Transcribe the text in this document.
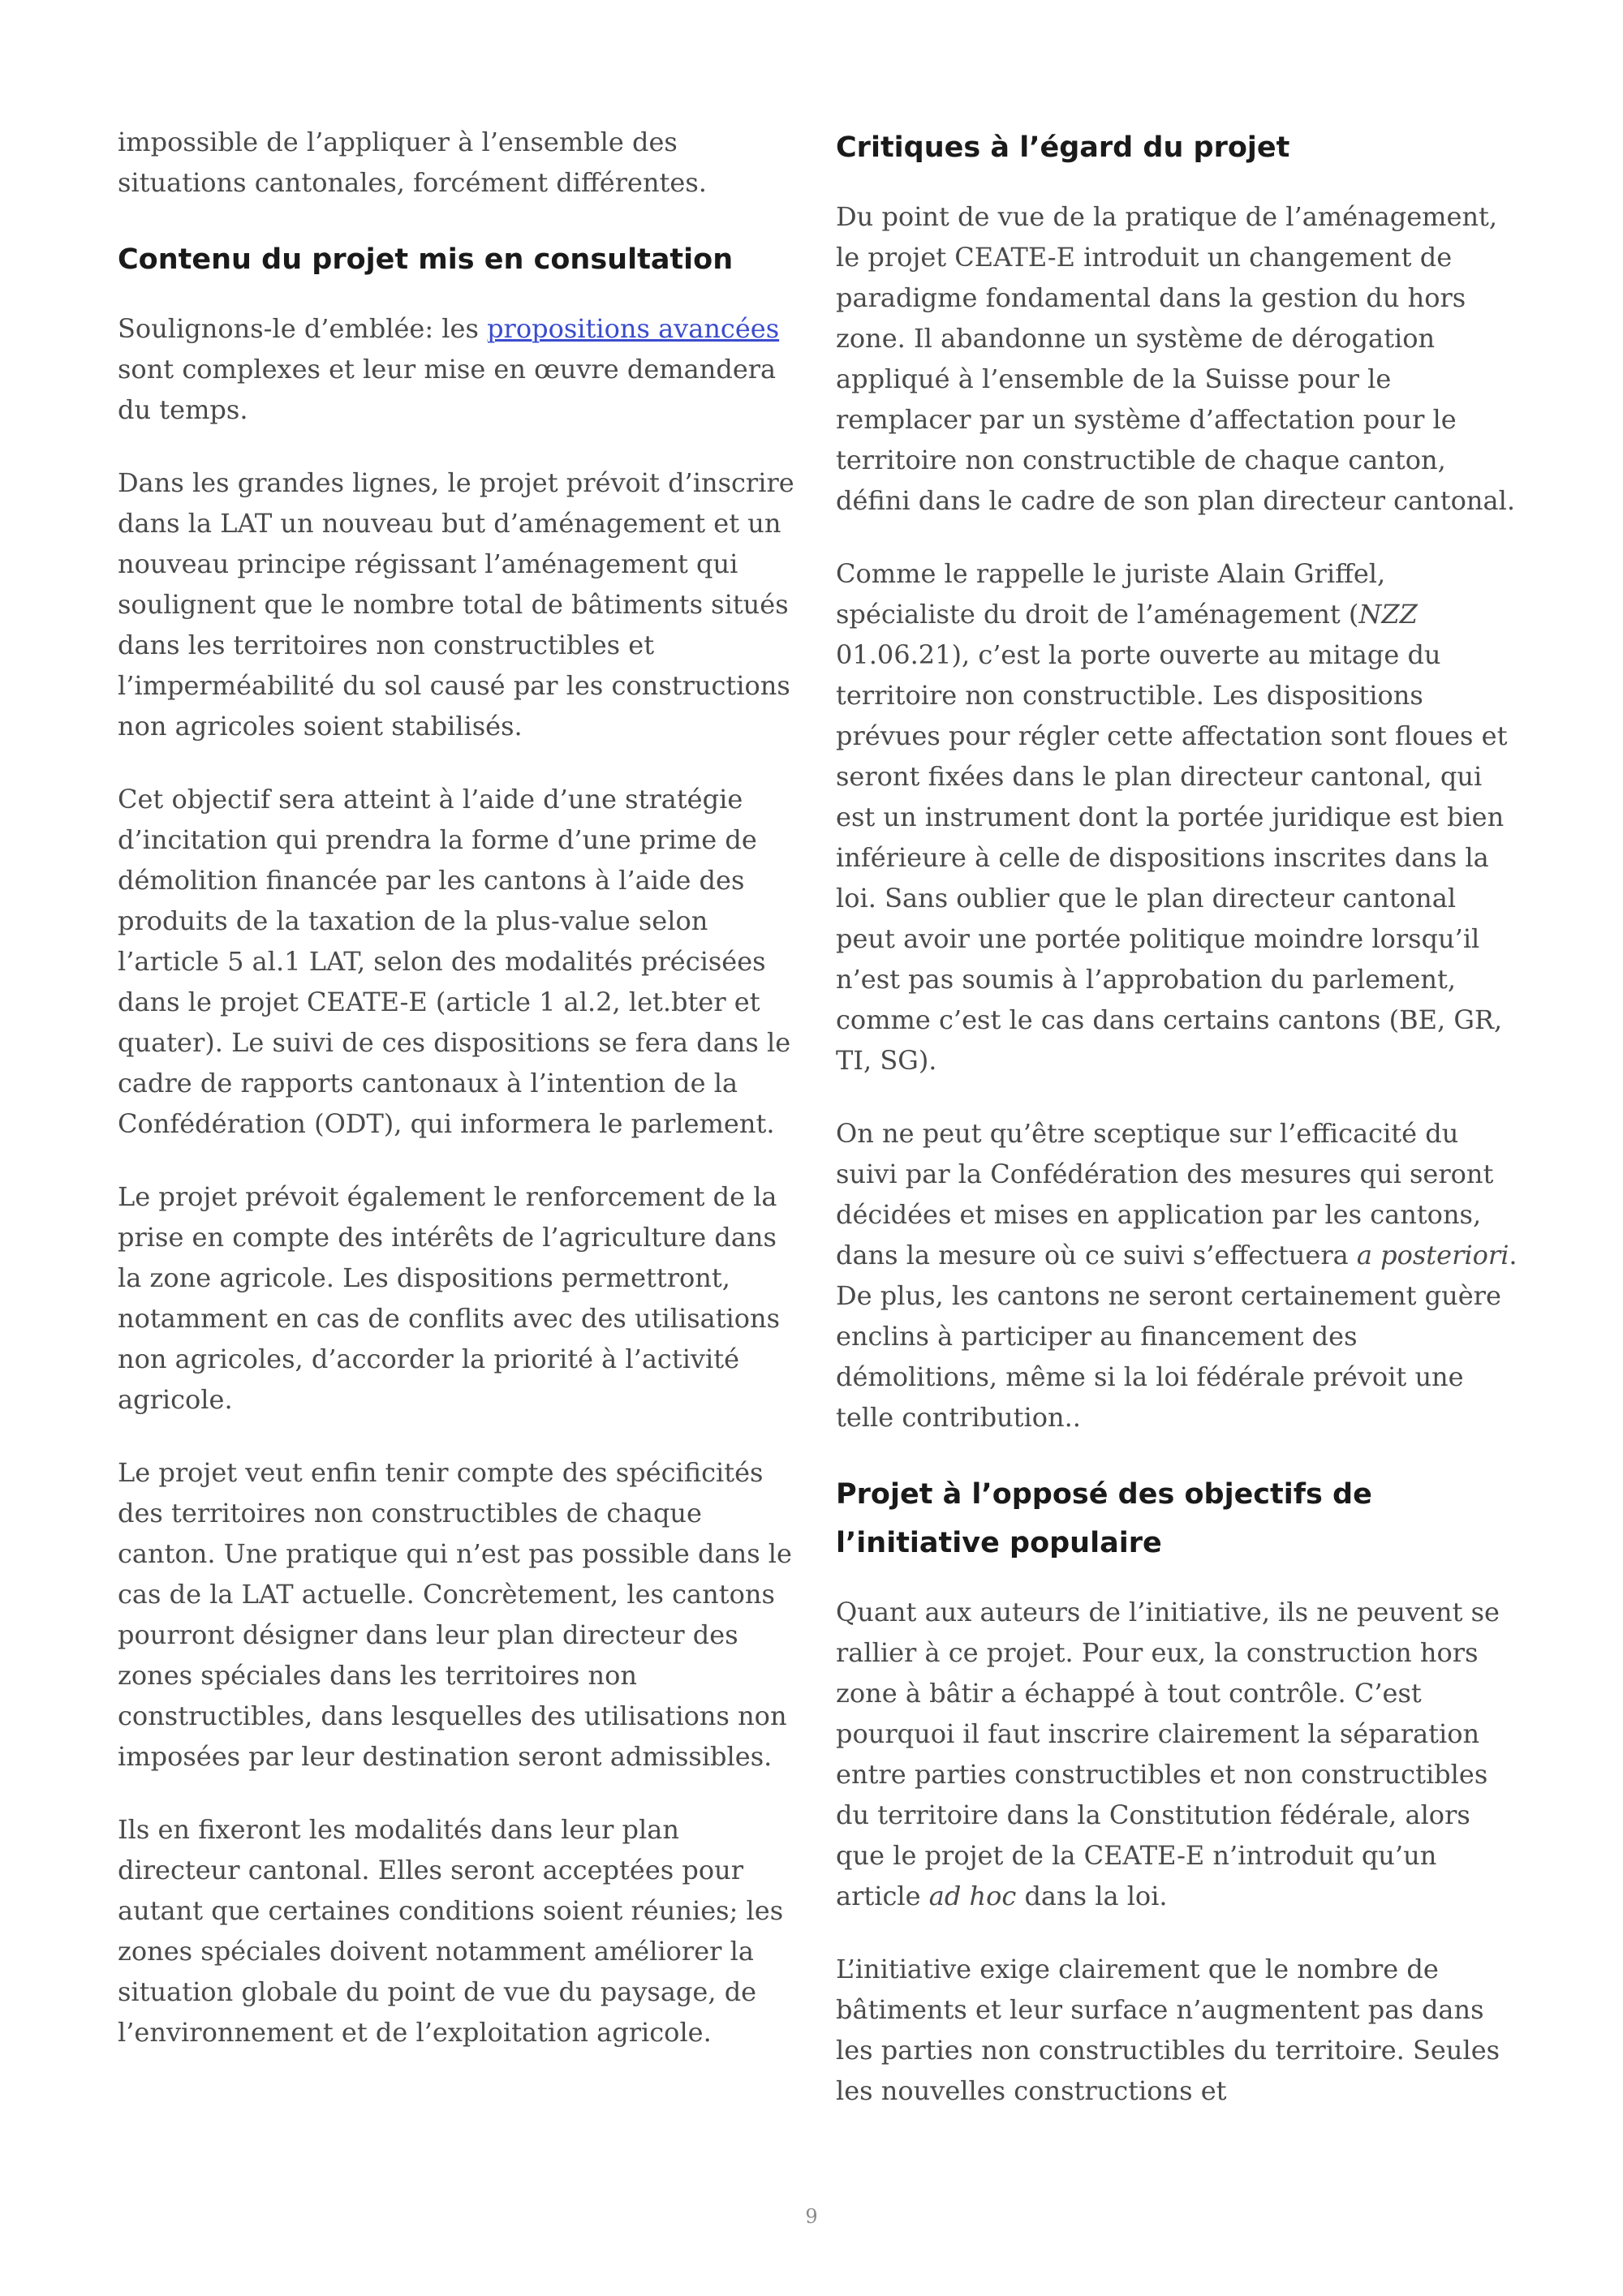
impossible de l’appliquer à l’ensemble des situations cantonales, forcément différentes.

Contenu du projet mis en consultation

Soulignons-le d’emblée: les propositions avancées sont complexes et leur mise en œuvre demandera du temps.

Dans les grandes lignes, le projet prévoit d’inscrire dans la LAT un nouveau but d’aménagement et un nouveau principe régissant l’aménagement qui soulignent que le nombre total de bâtiments situés dans les territoires non constructibles et l’imperméabilité du sol causé par les constructions non agricoles soient stabilisés.

Cet objectif sera atteint à l’aide d’une stratégie d’incitation qui prendra la forme d’une prime de démolition financée par les cantons à l’aide des produits de la taxation de la plus-value selon l’article 5 al.1 LAT, selon des modalités précisées dans le projet CEATE-E (article 1 al.2, let.bter et quater). Le suivi de ces dispositions se fera dans le cadre de rapports cantonaux à l’intention de la Confédération (ODT), qui informera le parlement.

Le projet prévoit également le renforcement de la prise en compte des intérêts de l’agriculture dans la zone agricole. Les dispositions permettront, notamment en cas de conflits avec des utilisations non agricoles, d’accorder la priorité à l’activité agricole.

Le projet veut enfin tenir compte des spécificités des territoires non constructibles de chaque canton. Une pratique qui n’est pas possible dans le cas de la LAT actuelle. Concrètement, les cantons pourront désigner dans leur plan directeur des zones spéciales dans les territoires non constructibles, dans lesquelles des utilisations non imposées par leur destination seront admissibles.

Ils en fixeront les modalités dans leur plan directeur cantonal. Elles seront acceptées pour autant que certaines conditions soient réunies; les zones spéciales doivent notamment améliorer la situation globale du point de vue du paysage, de l’environnement et de l’exploitation agricole.

Critiques à l’égard du projet

Du point de vue de la pratique de l’aménagement, le projet CEATE-E introduit un changement de paradigme fondamental dans la gestion du hors zone. Il abandonne un système de dérogation appliqué à l’ensemble de la Suisse pour le remplacer par un système d’affectation pour le territoire non constructible de chaque canton, défini dans le cadre de son plan directeur cantonal.

Comme le rappelle le juriste Alain Griffel, spécialiste du droit de l’aménagement (NZZ 01.06.21), c’est la porte ouverte au mitage du territoire non constructible. Les dispositions prévues pour régler cette affectation sont floues et seront fixées dans le plan directeur cantonal, qui est un instrument dont la portée juridique est bien inférieure à celle de dispositions inscrites dans la loi. Sans oublier que le plan directeur cantonal peut avoir une portée politique moindre lorsqu’il n’est pas soumis à l’approbation du parlement, comme c’est le cas dans certains cantons (BE, GR, TI, SG).

On ne peut qu’être sceptique sur l’efficacité du suivi par la Confédération des mesures qui seront décidées et mises en application par les cantons, dans la mesure où ce suivi s’effectuera a posteriori. De plus, les cantons ne seront certainement guère enclins à participer au financement des démolitions, même si la loi fédérale prévoit une telle contribution..

Projet à l’opposé des objectifs de l’initiative populaire

Quant aux auteurs de l’initiative, ils ne peuvent se rallier à ce projet. Pour eux, la construction hors zone à bâtir a échappé à tout contrôle. C’est pourquoi il faut inscrire clairement la séparation entre parties constructibles et non constructibles du territoire dans la Constitution fédérale, alors que le projet de la CEATE-E n’introduit qu’un article ad hoc dans la loi.

L’initiative exige clairement que le nombre de bâtiments et leur surface n’augmentent pas dans les parties non constructibles du territoire. Seules les nouvelles constructions et

9
